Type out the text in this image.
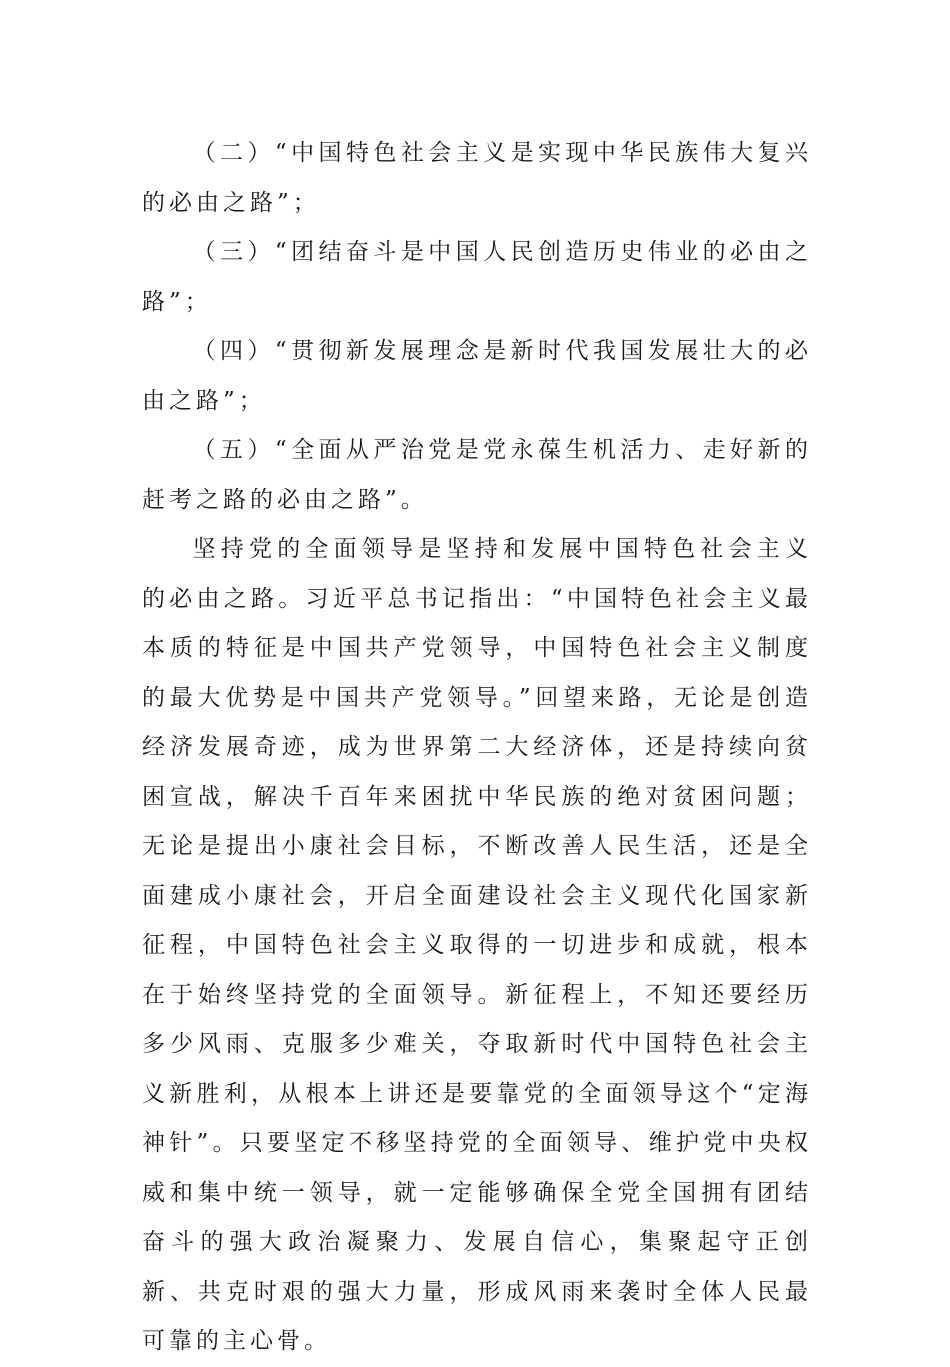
（二）“中国特色社会主义是实现中华民族伟大复兴的必由之路”；

（三）“团结奋斗是中国人民创造历史伟业的必由之路”；

（四）“贯彻新发展理念是新时代我国发展壮大的必由之路”；

（五）“全面从严治党是党永葆生机活力、走好新的赶考之路的必由之路”。

坚持党的全面领导是坚持和发展中国特色社会主义的必由之路。习近平总书记指出：“中国特色社会主义最本质的特征是中国共产党领导，中国特色社会主义制度的最大优势是中国共产党领导。”回望来路，无论是创造经济发展奇迹，成为世界第二大经济体，还是持续向贫困宣战，解决千百年来困扰中华民族的绝对贫困问题；无论是提出小康社会目标，不断改善人民生活，还是全面建成小康社会，开启全面建设社会主义现代化国家新征程，中国特色社会主义取得的一切进步和成就，根本在于始终坚持党的全面领导。新征程上，不知还要经历多少风雨、克服多少难关，夺取新时代中国特色社会主义新胜利，从根本上讲还是要靠党的全面领导这个“定海神针”。只要坚定不移坚持党的全面领导、维护党中央权威和集中统一领导，就一定能够确保全党全国拥有团结奋斗的强大政治凝聚力、发展自信心，集聚起守正创新、共克时艰的强大力量，形成风雨来袭时全体人民最可靠的主心骨。
